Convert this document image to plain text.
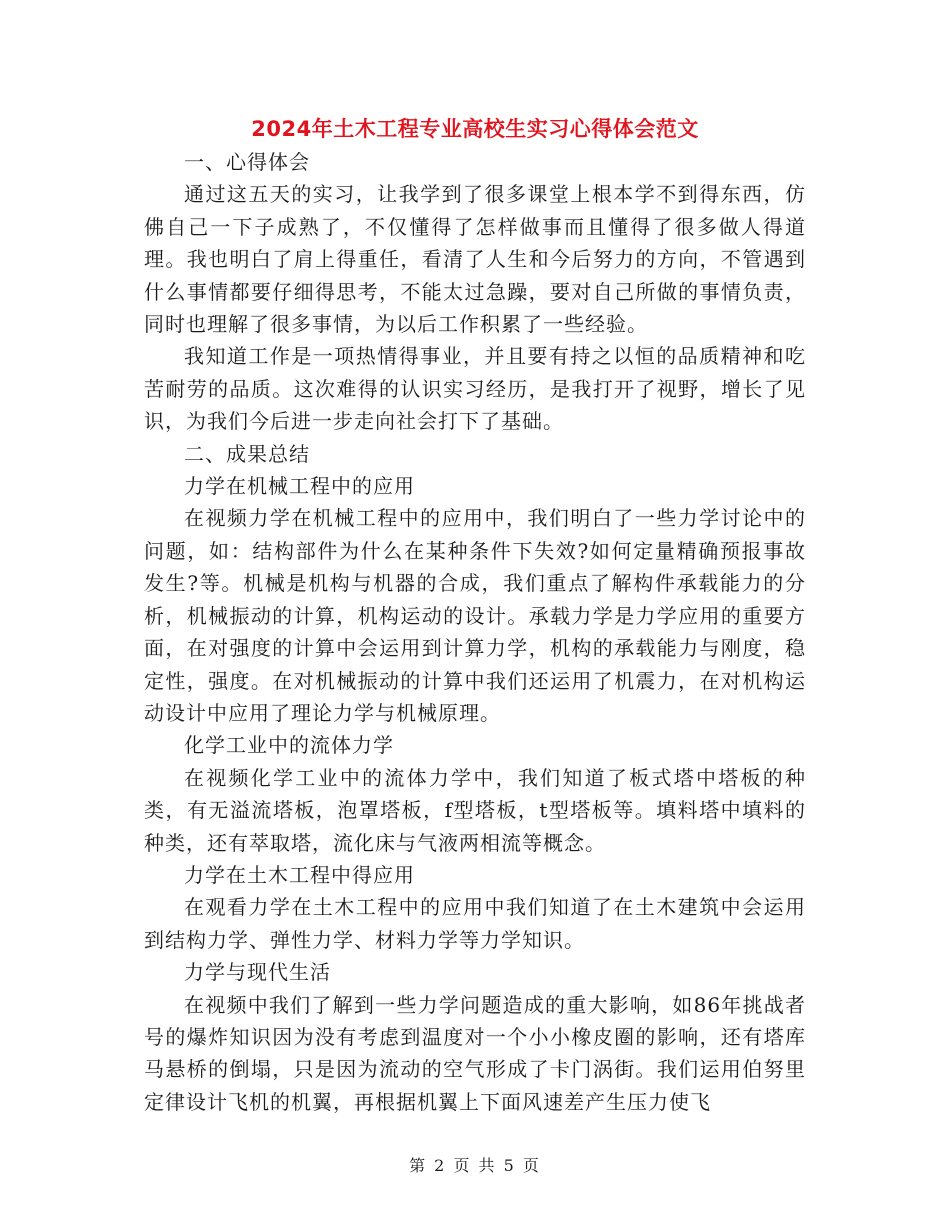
2024年土木工程专业高校生实习心得体会范文

一、心得体会

通过这五天的实习，让我学到了很多课堂上根本学不到得东西，仿佛自己一下子成熟了，不仅懂得了怎样做事而且懂得了很多做人得道理。我也明白了肩上得重任，看清了人生和今后努力的方向，不管遇到什么事情都要仔细得思考，不能太过急躁，要对自己所做的事情负责，同时也理解了很多事情，为以后工作积累了一些经验。

我知道工作是一项热情得事业，并且要有持之以恒的品质精神和吃苦耐劳的品质。这次难得的认识实习经历，是我打开了视野，增长了见识，为我们今后进一步走向社会打下了基础。

二、成果总结

力学在机械工程中的应用

在视频力学在机械工程中的应用中，我们明白了一些力学讨论中的问题，如：结构部件为什么在某种条件下失效?如何定量精确预报事故发生?等。机械是机构与机器的合成，我们重点了解构件承载能力的分析，机械振动的计算，机构运动的设计。承载力学是力学应用的重要方面，在对强度的计算中会运用到计算力学，机构的承载能力与刚度，稳定性，强度。在对机械振动的计算中我们还运用了机震力，在对机构运动设计中应用了理论力学与机械原理。

化学工业中的流体力学

在视频化学工业中的流体力学中，我们知道了板式塔中塔板的种类，有无溢流塔板，泡罩塔板，f型塔板，t型塔板等。填料塔中填料的种类，还有萃取塔，流化床与气液两相流等概念。

力学在土木工程中得应用

在观看力学在土木工程中的应用中我们知道了在土木建筑中会运用到结构力学、弹性力学、材料力学等力学知识。

力学与现代生活

在视频中我们了解到一些力学问题造成的重大影响，如86年挑战者号的爆炸知识因为没有考虑到温度对一个小小橡皮圈的影响，还有塔库马悬桥的倒塌，只是因为流动的空气形成了卡门涡街。我们运用伯努里定律设计飞机的机翼，再根据机翼上下面风速差产生压力使飞

第 2 页 共 5 页
